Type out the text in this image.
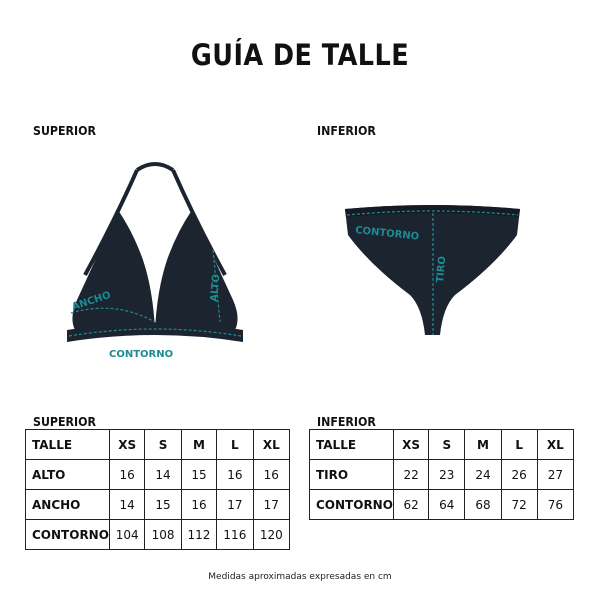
GUÍA DE TALLE
SUPERIOR	INFERIOR
ANCHO	ALTO
CONTORNO
CONTORNO
TIRO
SUPERIOR	INFERIOR
TALLE	XS	S	M	L	XL
ALTO	16	14	15	16	16
ANCHO	14	15	16	17	17
CONTORNO	104	108	112	116	120
TALLE	XS	S	M	L	XL
TIRO	22	23	24	26	27
CONTORNO	62	64	68	72	76
Medidas aproximadas expresadas en cm
